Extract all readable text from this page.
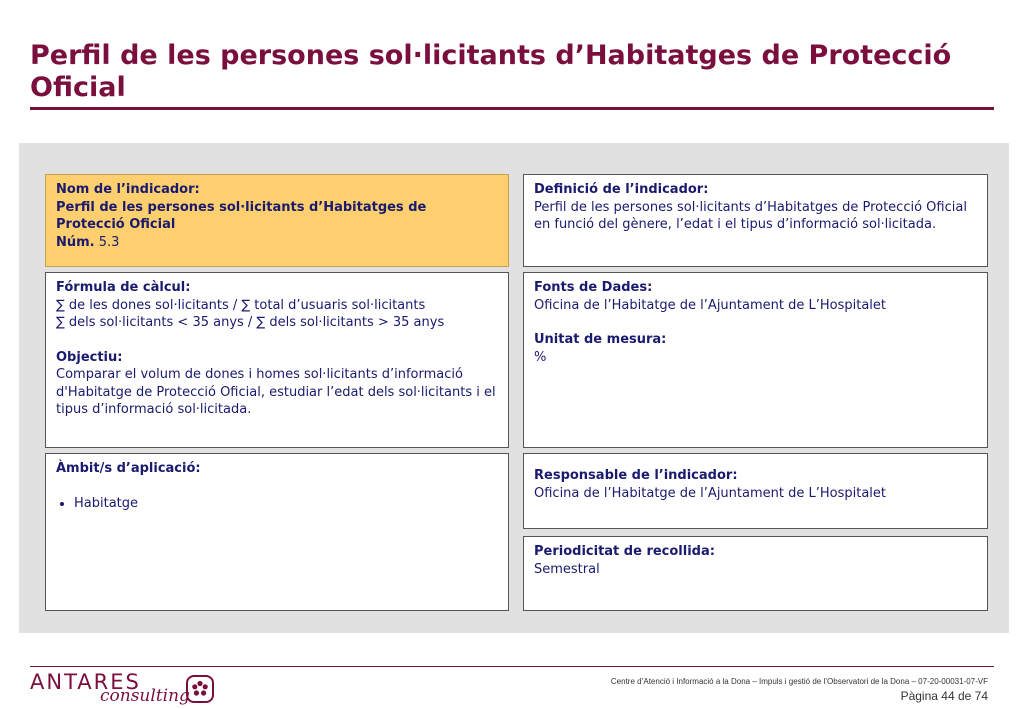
Perfil de les persones sol·licitants d’Habitatges de Protecció Oficial
Nom de l’indicador:
Perfil de les persones sol·licitants d’Habitatges de Protecció Oficial
Núm. 5.3
Definició de l’indicador:
Perfil de les persones sol·licitants d’Habitatges de Protecció Oficial en funció del gènere, l’edat i el tipus d’informació sol·licitada.
Fórmula de càlcul:
∑ de les dones sol·licitants / ∑ total d’usuaris sol·licitants
∑ dels sol·licitants < 35 anys / ∑ dels sol·licitants > 35 anys
Objectiu:
Comparar el volum de dones i homes sol·licitants d’informació d'Habitatge de Protecció Oficial, estudiar l’edat dels sol·licitants i el tipus d’informació sol·licitada.
Fonts de Dades:
Oficina de l’Habitatge de l’Ajuntament de L’Hospitalet
Unitat de mesura:
%
Àmbit/s d’aplicació:
• Habitatge
Responsable de l’indicador:
Oficina de l’Habitatge de l’Ajuntament de L’Hospitalet
Periodicitat de recollida:
Semestral
ANTARES
consulting
Centre d’Atenció i Informació a la Dona – Impuls i gestió de l’Observatori de la Dona – 07-20-00031-07-VF
Pàgina 44 de 74
